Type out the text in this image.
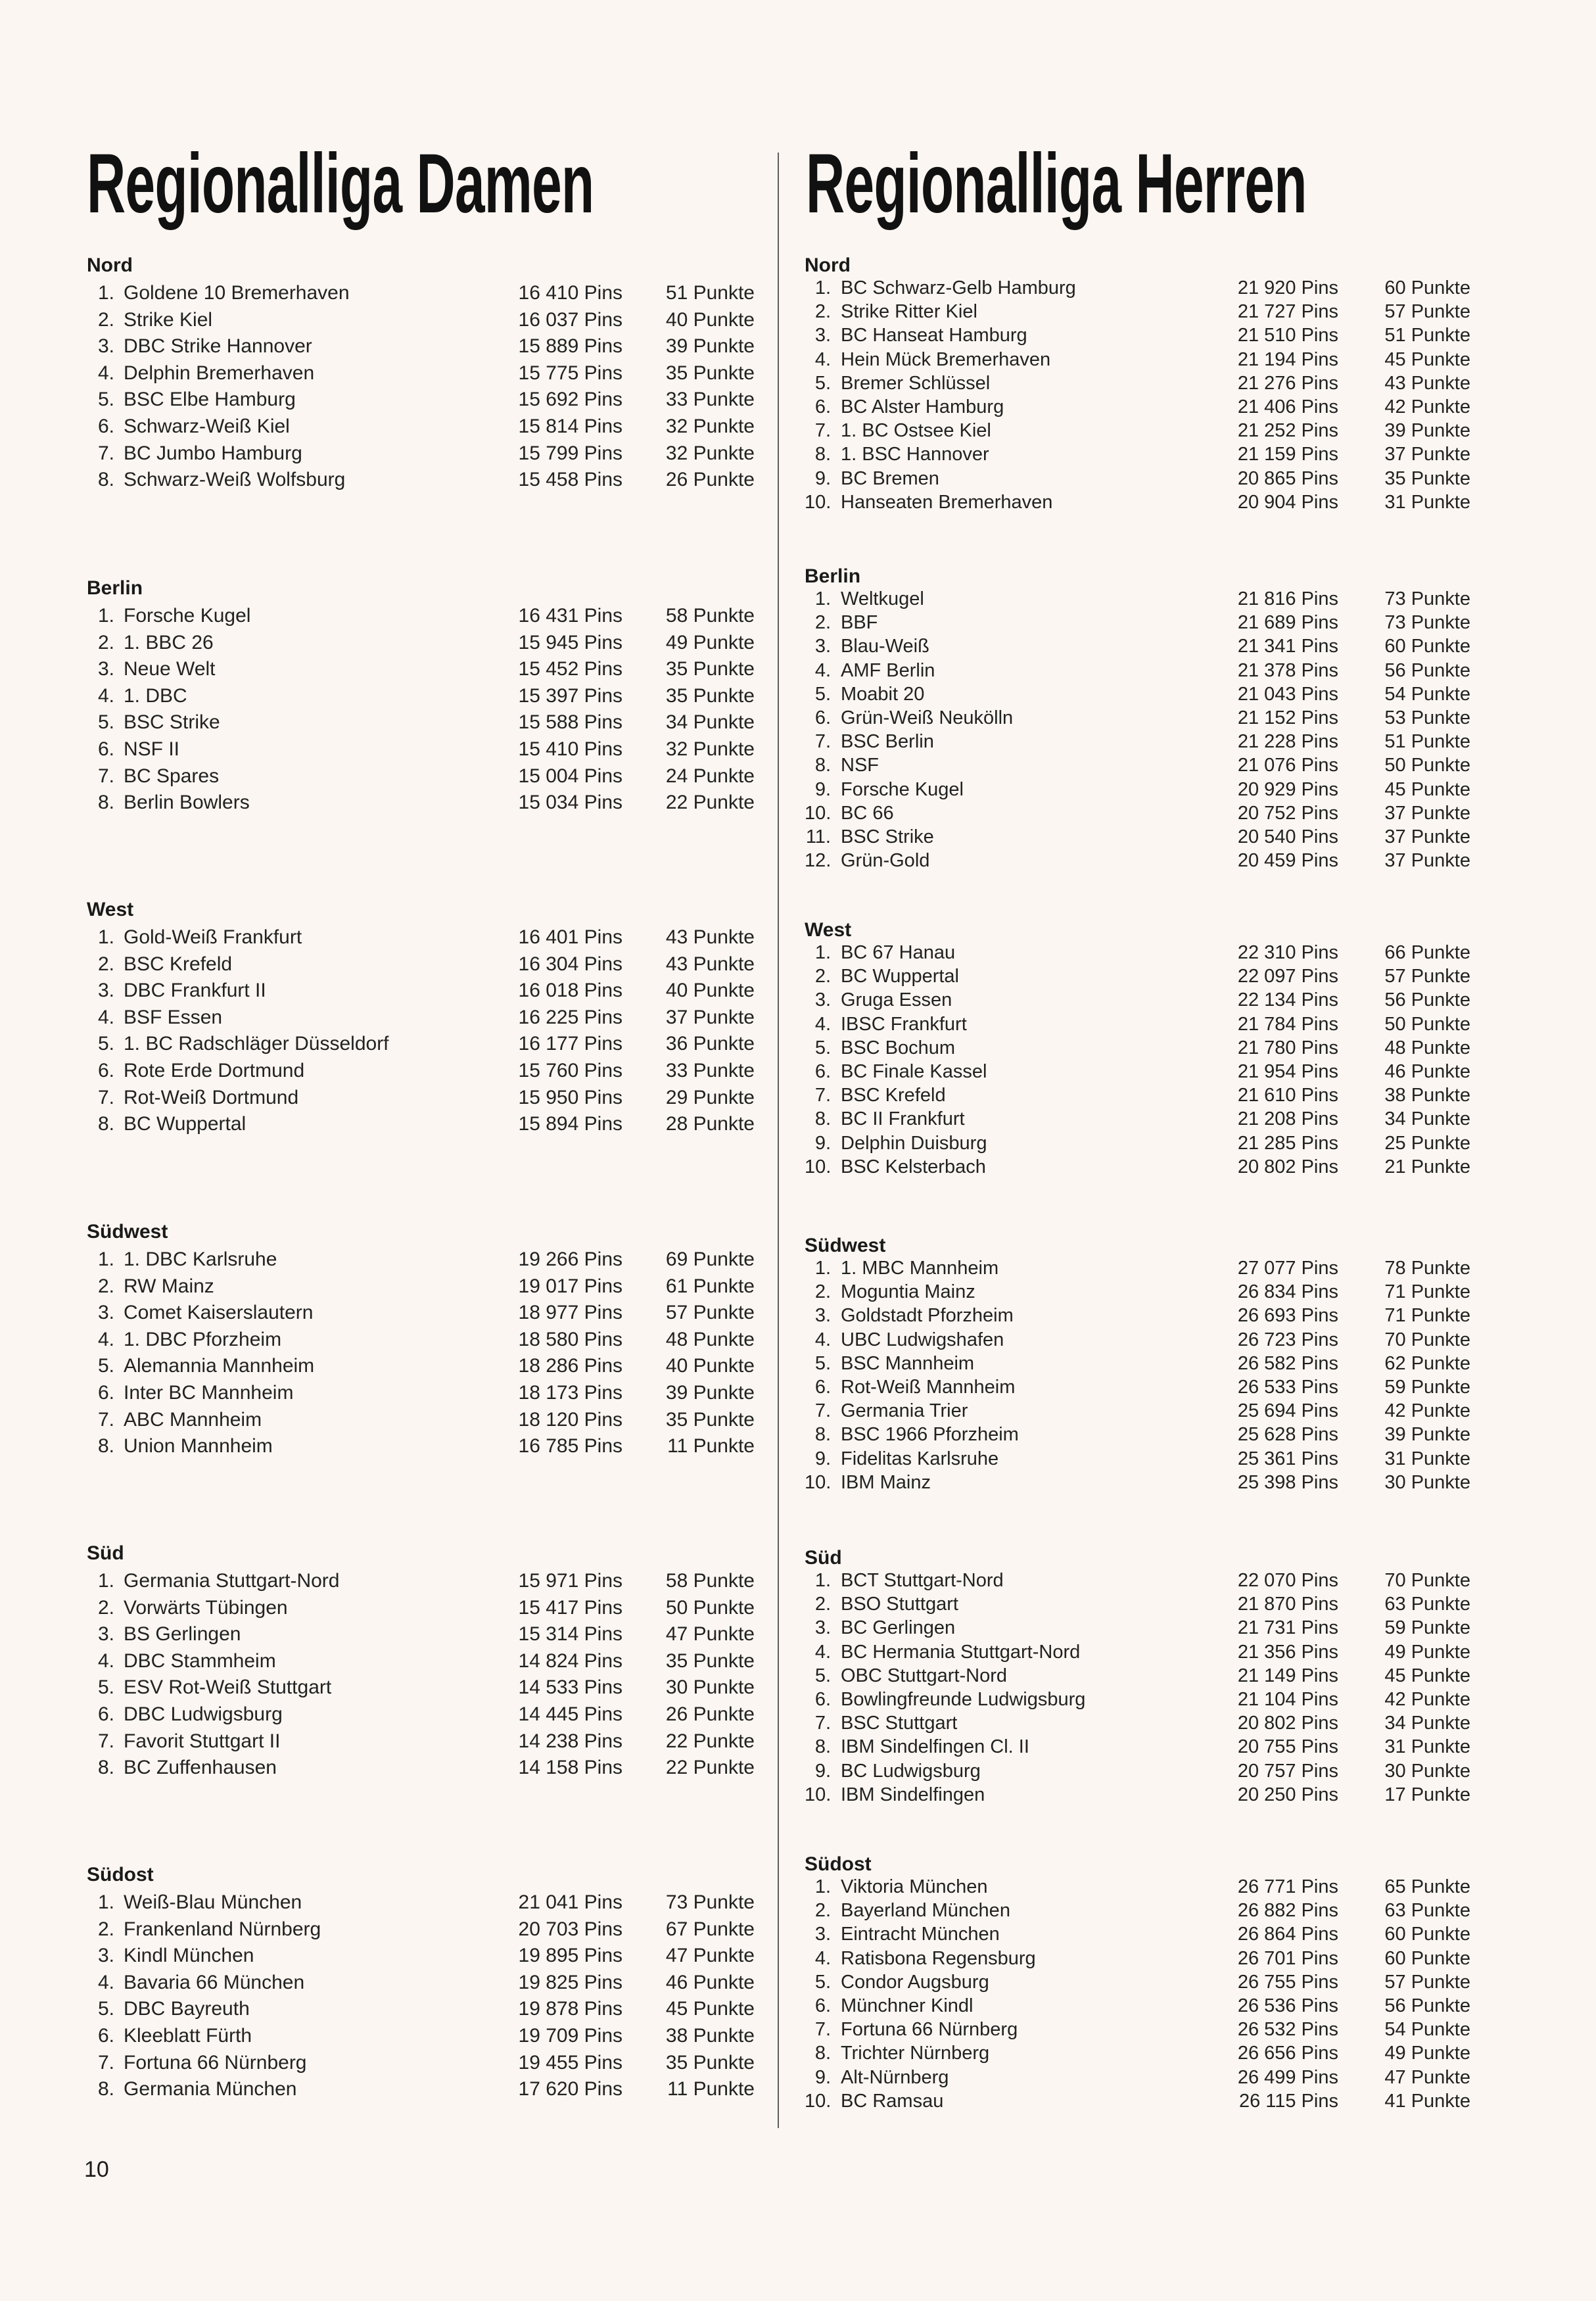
Regionalliga Damen	Regionalliga Herren
Nord
1. Goldene 10 Bremerhaven	16 410 Pins 51 Punkte
2. Strike Kiel	16 037 Pins 40 Punkte
3. DBC Strike Hannover	15 889 Pins 39 Punkte
4. Delphin Bremerhaven	15 775 Pins 35 Punkte
5. BSC Elbe Hamburg	15 692 Pins 33 Punkte
6. Schwarz-Weiß Kiel	15 814 Pins 32 Punkte
7. BC Jumbo Hamburg	15 799 Pins 32 Punkte
8. Schwarz-Weiß Wolfsburg	15 458 Pins 26 Punkte
Berlin
1. Forsche Kugel	16 431 Pins 58 Punkte
2. 1. BBC 26	15 945 Pins 49 Punkte
3. Neue Welt	15 452 Pins 35 Punkte
4. 1. DBC	15 397 Pins 35 Punkte
5. BSC Strike	15 588 Pins 34 Punkte
6. NSF II	15 410 Pins 32 Punkte
7. BC Spares	15 004 Pins 24 Punkte
8. Berlin Bowlers	15 034 Pins 22 Punkte
West
1. Gold-Weiß Frankfurt	16 401 Pins 43 Punkte
2. BSC Krefeld	16 304 Pins 43 Punkte
3. DBC Frankfurt II	16 018 Pins 40 Punkte
4. BSF Essen	16 225 Pins 37 Punkte
5. 1. BC Radschläger Düsseldorf	16 177 Pins 36 Punkte
6. Rote Erde Dortmund	15 760 Pins 33 Punkte
7. Rot-Weiß Dortmund	15 950 Pins 29 Punkte
8. BC Wuppertal	15 894 Pins 28 Punkte
Südwest
1. 1. DBC Karlsruhe	19 266 Pins 69 Punkte
2. RW Mainz	19 017 Pins 61 Punkte
3. Comet Kaiserslautern	18 977 Pins 57 Punkte
4. 1. DBC Pforzheim	18 580 Pins 48 Punkte
5. Alemannia Mannheim	18 286 Pins 40 Punkte
6. Inter BC Mannheim	18 173 Pins 39 Punkte
7. ABC Mannheim	18 120 Pins 35 Punkte
8. Union Mannheim	16 785 Pins 11 Punkte
Süd
1. Germania Stuttgart-Nord	15 971 Pins 58 Punkte
2. Vorwärts Tübingen	15 417 Pins 50 Punkte
3. BS Gerlingen	15 314 Pins 47 Punkte
4. DBC Stammheim	14 824 Pins 35 Punkte
5. ESV Rot-Weiß Stuttgart	14 533 Pins 30 Punkte
6. DBC Ludwigsburg	14 445 Pins 26 Punkte
7. Favorit Stuttgart II	14 238 Pins 22 Punkte
8. BC Zuffenhausen	14 158 Pins 22 Punkte
Südost
1. Weiß-Blau München	21 041 Pins 73 Punkte
2. Frankenland Nürnberg	20 703 Pins 67 Punkte
3. Kindl München	19 895 Pins 47 Punkte
4. Bavaria 66 München	19 825 Pins 46 Punkte
5. DBC Bayreuth	19 878 Pins 45 Punkte
6. Kleeblatt Fürth	19 709 Pins 38 Punkte
7. Fortuna 66 Nürnberg	19 455 Pins 35 Punkte
8. Germania München	17 620 Pins 11 Punkte
Nord
1. BC Schwarz-Gelb Hamburg	21 920 Pins 60 Punkte
2. Strike Ritter Kiel	21 727 Pins 57 Punkte
3. BC Hanseat Hamburg	21 510 Pins 51 Punkte
4. Hein Mück Bremerhaven	21 194 Pins 45 Punkte
5. Bremer Schlüssel	21 276 Pins 43 Punkte
6. BC Alster Hamburg	21 406 Pins 42 Punkte
7. 1. BC Ostsee Kiel	21 252 Pins 39 Punkte
8. 1. BSC Hannover	21 159 Pins 37 Punkte
9. BC Bremen	20 865 Pins 35 Punkte
10. Hanseaten Bremerhaven	20 904 Pins 31 Punkte
Berlin
1. Weltkugel	21 816 Pins 73 Punkte
2. BBF	21 689 Pins 73 Punkte
3. Blau-Weiß	21 341 Pins 60 Punkte
4. AMF Berlin	21 378 Pins 56 Punkte
5. Moabit 20	21 043 Pins 54 Punkte
6. Grün-Weiß Neukölln	21 152 Pins 53 Punkte
7. BSC Berlin	21 228 Pins 51 Punkte
8. NSF	21 076 Pins 50 Punkte
9. Forsche Kugel	20 929 Pins 45 Punkte
10. BC 66	20 752 Pins 37 Punkte
11. BSC Strike	20 540 Pins 37 Punkte
12. Grün-Gold	20 459 Pins 37 Punkte
West
1. BC 67 Hanau	22 310 Pins 66 Punkte
2. BC Wuppertal	22 097 Pins 57 Punkte
3. Gruga Essen	22 134 Pins 56 Punkte
4. IBSC Frankfurt	21 784 Pins 50 Punkte
5. BSC Bochum	21 780 Pins 48 Punkte
6. BC Finale Kassel	21 954 Pins 46 Punkte
7. BSC Krefeld	21 610 Pins 38 Punkte
8. BC II Frankfurt	21 208 Pins 34 Punkte
9. Delphin Duisburg	21 285 Pins 25 Punkte
10. BSC Kelsterbach	20 802 Pins 21 Punkte
Südwest
1. 1. MBC Mannheim	27 077 Pins 78 Punkte
2. Moguntia Mainz	26 834 Pins 71 Punkte
3. Goldstadt Pforzheim	26 693 Pins 71 Punkte
4. UBC Ludwigshafen	26 723 Pins 70 Punkte
5. BSC Mannheim	26 582 Pins 62 Punkte
6. Rot-Weiß Mannheim	26 533 Pins 59 Punkte
7. Germania Trier	25 694 Pins 42 Punkte
8. BSC 1966 Pforzheim	25 628 Pins 39 Punkte
9. Fidelitas Karlsruhe	25 361 Pins 31 Punkte
10. IBM Mainz	25 398 Pins 30 Punkte
Süd
1. BCT Stuttgart-Nord	22 070 Pins 70 Punkte
2. BSO Stuttgart	21 870 Pins 63 Punkte
3. BC Gerlingen	21 731 Pins 59 Punkte
4. BC Hermania Stuttgart-Nord	21 356 Pins 49 Punkte
5. OBC Stuttgart-Nord	21 149 Pins 45 Punkte
6. Bowlingfreunde Ludwigsburg	21 104 Pins 42 Punkte
7. BSC Stuttgart	20 802 Pins 34 Punkte
8. IBM Sindelfingen Cl. II	20 755 Pins 31 Punkte
9. BC Ludwigsburg	20 757 Pins 30 Punkte
10. IBM Sindelfingen	20 250 Pins 17 Punkte
Südost
1. Viktoria München	26 771 Pins 65 Punkte
2. Bayerland München	26 882 Pins 63 Punkte
3. Eintracht München	26 864 Pins 60 Punkte
4. Ratisbona Regensburg	26 701 Pins 60 Punkte
5. Condor Augsburg	26 755 Pins 57 Punkte
6. Münchner Kindl	26 536 Pins 56 Punkte
7. Fortuna 66 Nürnberg	26 532 Pins 54 Punkte
8. Trichter Nürnberg	26 656 Pins 49 Punkte
9. Alt-Nürnberg	26 499 Pins 47 Punkte
10. BC Ramsau	26 115 Pins 41 Punkte
10
